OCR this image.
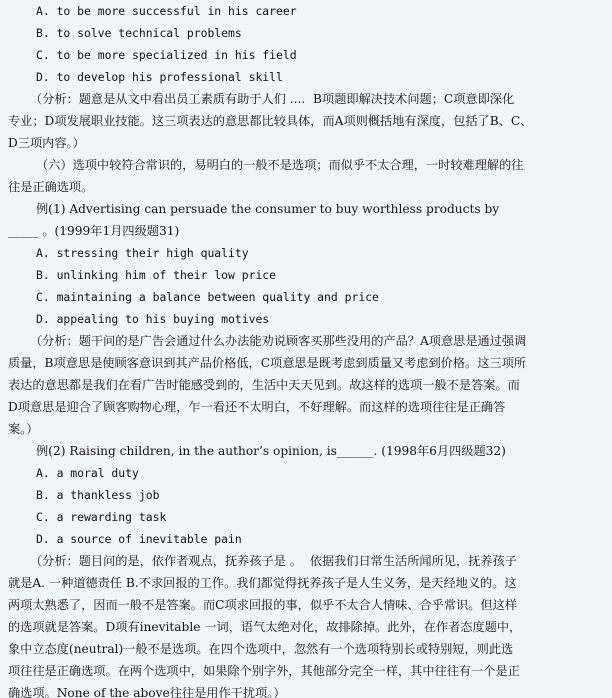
A. to be more successful in his career
B. to solve technical problems
C. to be more specialized in his field
D. to develop his professional skill
（分析：题意是从文中看出员工素质有助于人们 ....  B项题即解决技术问题；C项意即深化
专业；D项发展职业技能。这三项表达的意思都比较具体，而A项则概括地有深度，包括了B、C、
D三项内容。）
（六）选项中较符合常识的，易明白的一般不是选项；而似乎不太合理，一时较难理解的往
往是正确选项。
例(1) Advertising can persuade the consumer to buy worthless products by
_____ 。(1999年1月四级题31)
A. stressing their high quality
B. unlinking him of their low price
C. maintaining a balance between quality and price
D. appealing to his buying motives
（分析：题干问的是广告会通过什么办法能劝说顾客买那些没用的产品？A项意思是通过强调
质量，B项意思是使顾客意识到其产品价格低，C项意思是既考虑到质量又考虑到价格。这三项所
表达的意思都是我们在看广告时能感受到的，生活中天天见到。故这样的选项一般不是答案。而
D项意思是迎合了顾客购物心理，乍一看还不太明白，不好理解。而这样的选项往往是正确答
案。）
例(2) Raising children, in the author’s opinion, is______. (1998年6月四级题32)
A. a moral duty
B. a thankless job
C. a rewarding task
D. a source of inevitable pain
（分析：题目问的是，依作者观点，抚养孩子是 。  依据我们日常生活所闻所见，抚养孩子
就是A. 一种道德责任 B.不求回报的工作。我们都觉得抚养孩子是人生义务，是天经地义的。这
两项太熟悉了，因而一般不是答案。而C项求回报的事，似乎不太合人情味、合乎常识。但这样
的选项就是答案。D项有inevitable 一词，语气太绝对化，故排除掉。此外，在作者态度题中，
象中立态度(neutral)一般不是选项。在四个选项中，忽然有一个选项特别长或特别短，则此选
项往往是正确选项。在两个选项中，如果除个别字外，其他部分完全一样，其中往往有一个是正
确选项。None of the above往往是用作干扰项。）
